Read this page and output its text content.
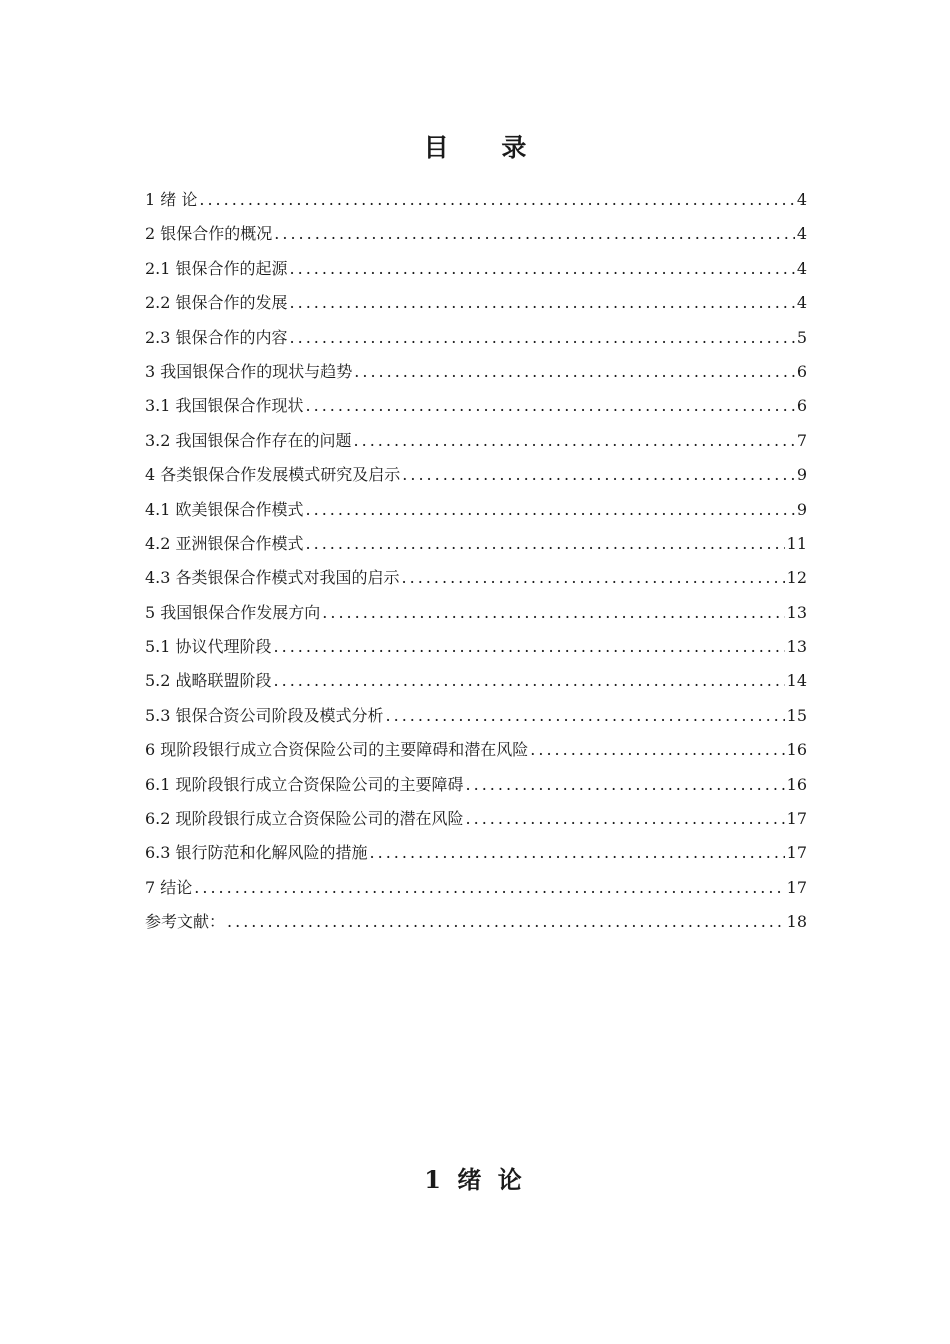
目 录
1 绪 论 .....	4
2 银保合作的概况 .....	4
2.1 银保合作的起源 .....	4
2.2 银保合作的发展 .....	4
2.3 银保合作的内容 .....	5
3 我国银保合作的现状与趋势 .....	6
3.1 我国银保合作现状 .....	6
3.2 我国银保合作存在的问题 .....	7
4 各类银保合作发展模式研究及启示 .....	9
4.1 欧美银保合作模式 .....	9
4.2 亚洲银保合作模式 .....	11
4.3 各类银保合作模式对我国的启示 .....	12
5 我国银保合作发展方向 .....	13
5.1 协议代理阶段 .....	13
5.2 战略联盟阶段 .....	14
5.3 银保合资公司阶段及模式分析 .....	15
6 现阶段银行成立合资保险公司的主要障碍和潜在风险 .....	16
6.1 现阶段银行成立合资保险公司的主要障碍 .....	16
6.2 现阶段银行成立合资保险公司的潜在风险 .....	17
6.3 银行防范和化解风险的措施 .....	17
7 结论 .....	17
参考文献： .....	18
1 绪 论
